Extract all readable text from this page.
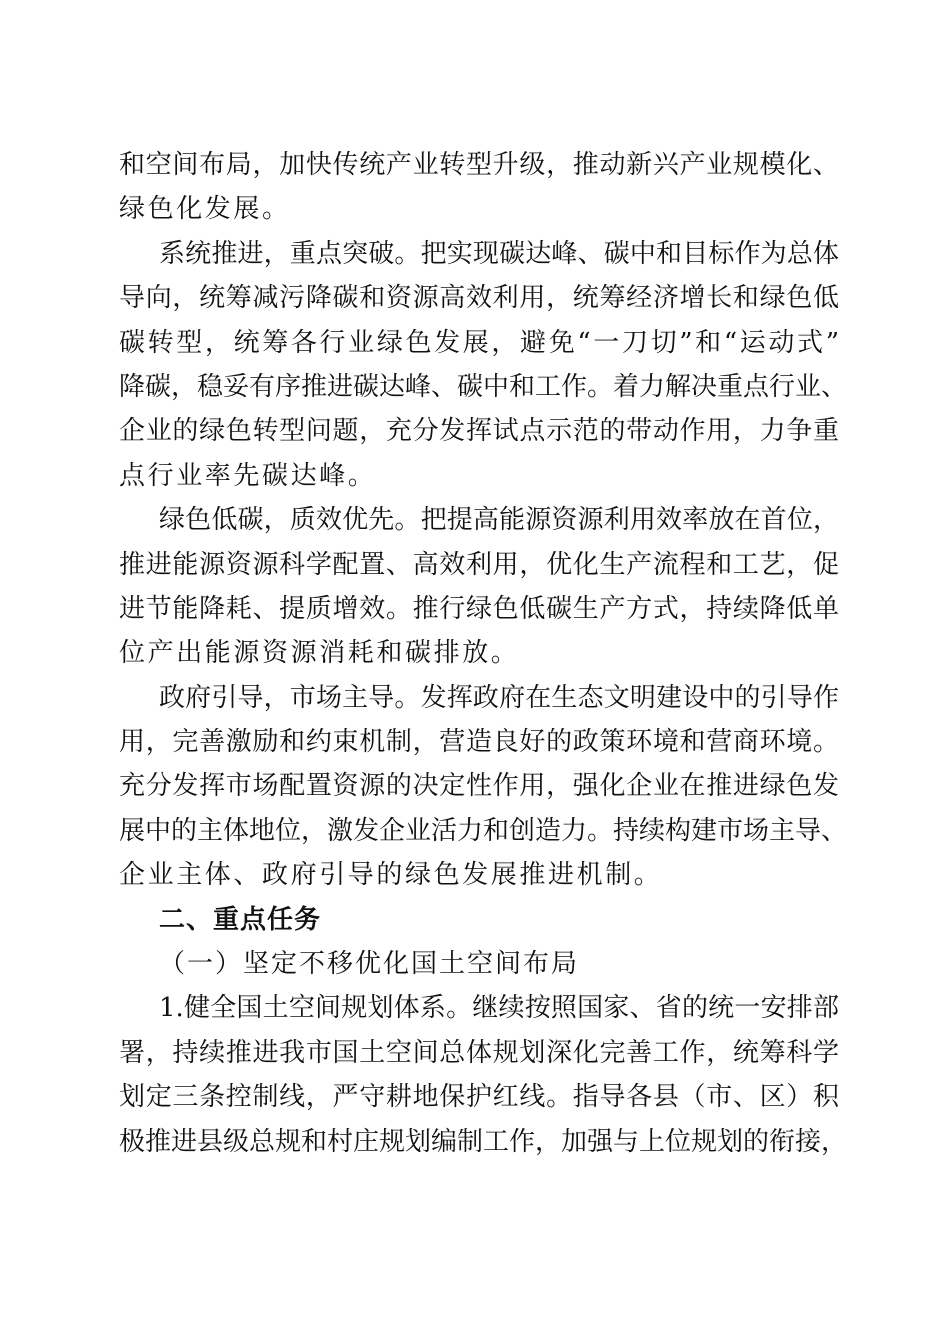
和空间布局，加快传统产业转型升级，推动新兴产业规模化、
绿色化发展。
系统推进，重点突破。把实现碳达峰、碳中和目标作为总体
导向，统筹减污降碳和资源高效利用，统筹经济增长和绿色低
碳转型，统筹各行业绿色发展，避免“一刀切”和“运动式”
降碳，稳妥有序推进碳达峰、碳中和工作。着力解决重点行业、
企业的绿色转型问题，充分发挥试点示范的带动作用，力争重
点行业率先碳达峰。
绿色低碳，质效优先。把提高能源资源利用效率放在首位，
推进能源资源科学配置、高效利用，优化生产流程和工艺，促
进节能降耗、提质增效。推行绿色低碳生产方式，持续降低单
位产出能源资源消耗和碳排放。
政府引导，市场主导。发挥政府在生态文明建设中的引导作
用，完善激励和约束机制，营造良好的政策环境和营商环境。
充分发挥市场配置资源的决定性作用，强化企业在推进绿色发
展中的主体地位，激发企业活力和创造力。持续构建市场主导、
企业主体、政府引导的绿色发展推进机制。
二、重点任务
（一）坚定不移优化国土空间布局
1.健全国土空间规划体系。继续按照国家、省的统一安排部
署，持续推进我市国土空间总体规划深化完善工作，统筹科学
划定三条控制线，严守耕地保护红线。指导各县（市、区）积
极推进县级总规和村庄规划编制工作，加强与上位规划的衔接，
